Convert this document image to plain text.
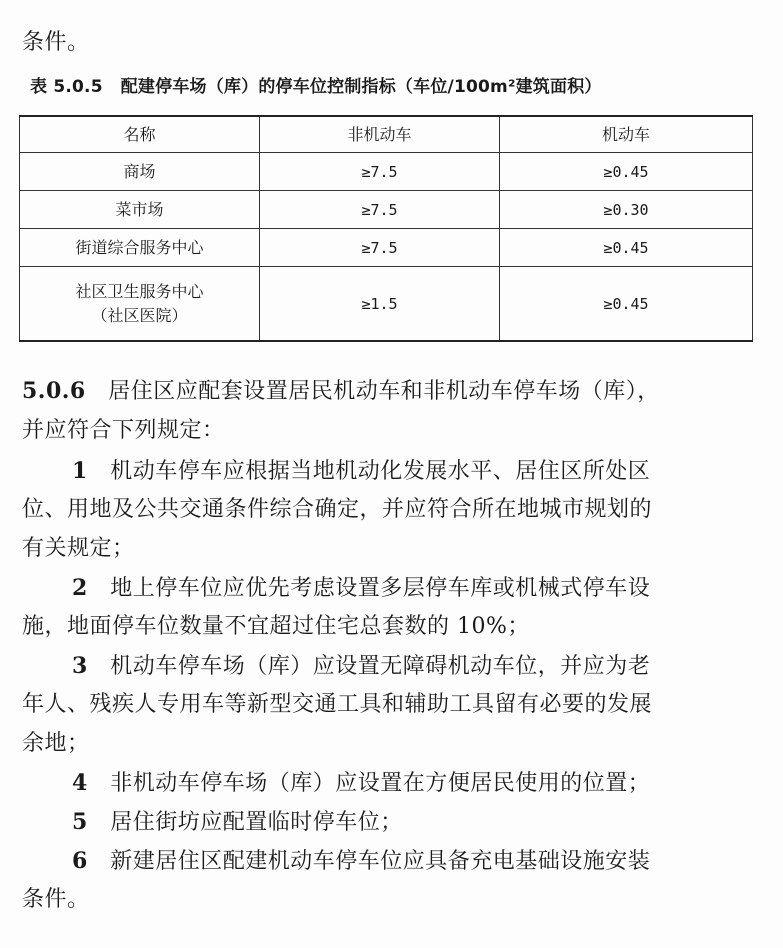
条件。
表 5.0.5 配建停车场（库）的停车位控制指标（车位/100m²建筑面积）
名称	非机动车	机动车
商场	≥7.5	≥0.45
菜市场	≥7.5	≥0.30
街道综合服务中心	≥7.5	≥0.45

社区卫生服务中心
（社区医院）	≥1.5	≥0.45
5.0.6 居住区应配套设置居民机动车和非机动车停车场（库），
并应符合下列规定：
1 机动车停车应根据当地机动化发展水平、居住区所处区
位、用地及公共交通条件综合确定，并应符合所在地城市规划的
有关规定；
2 地上停车位应优先考虑设置多层停车库或机械式停车设
施，地面停车位数量不宜超过住宅总套数的 10%；
3 机动车停车场（库）应设置无障碍机动车位，并应为老
年人、残疾人专用车等新型交通工具和辅助工具留有必要的发展
余地；
4 非机动车停车场（库）应设置在方便居民使用的位置；
5 居住街坊应配置临时停车位；
6 新建居住区配建机动车停车位应具备充电基础设施安装
条件。
